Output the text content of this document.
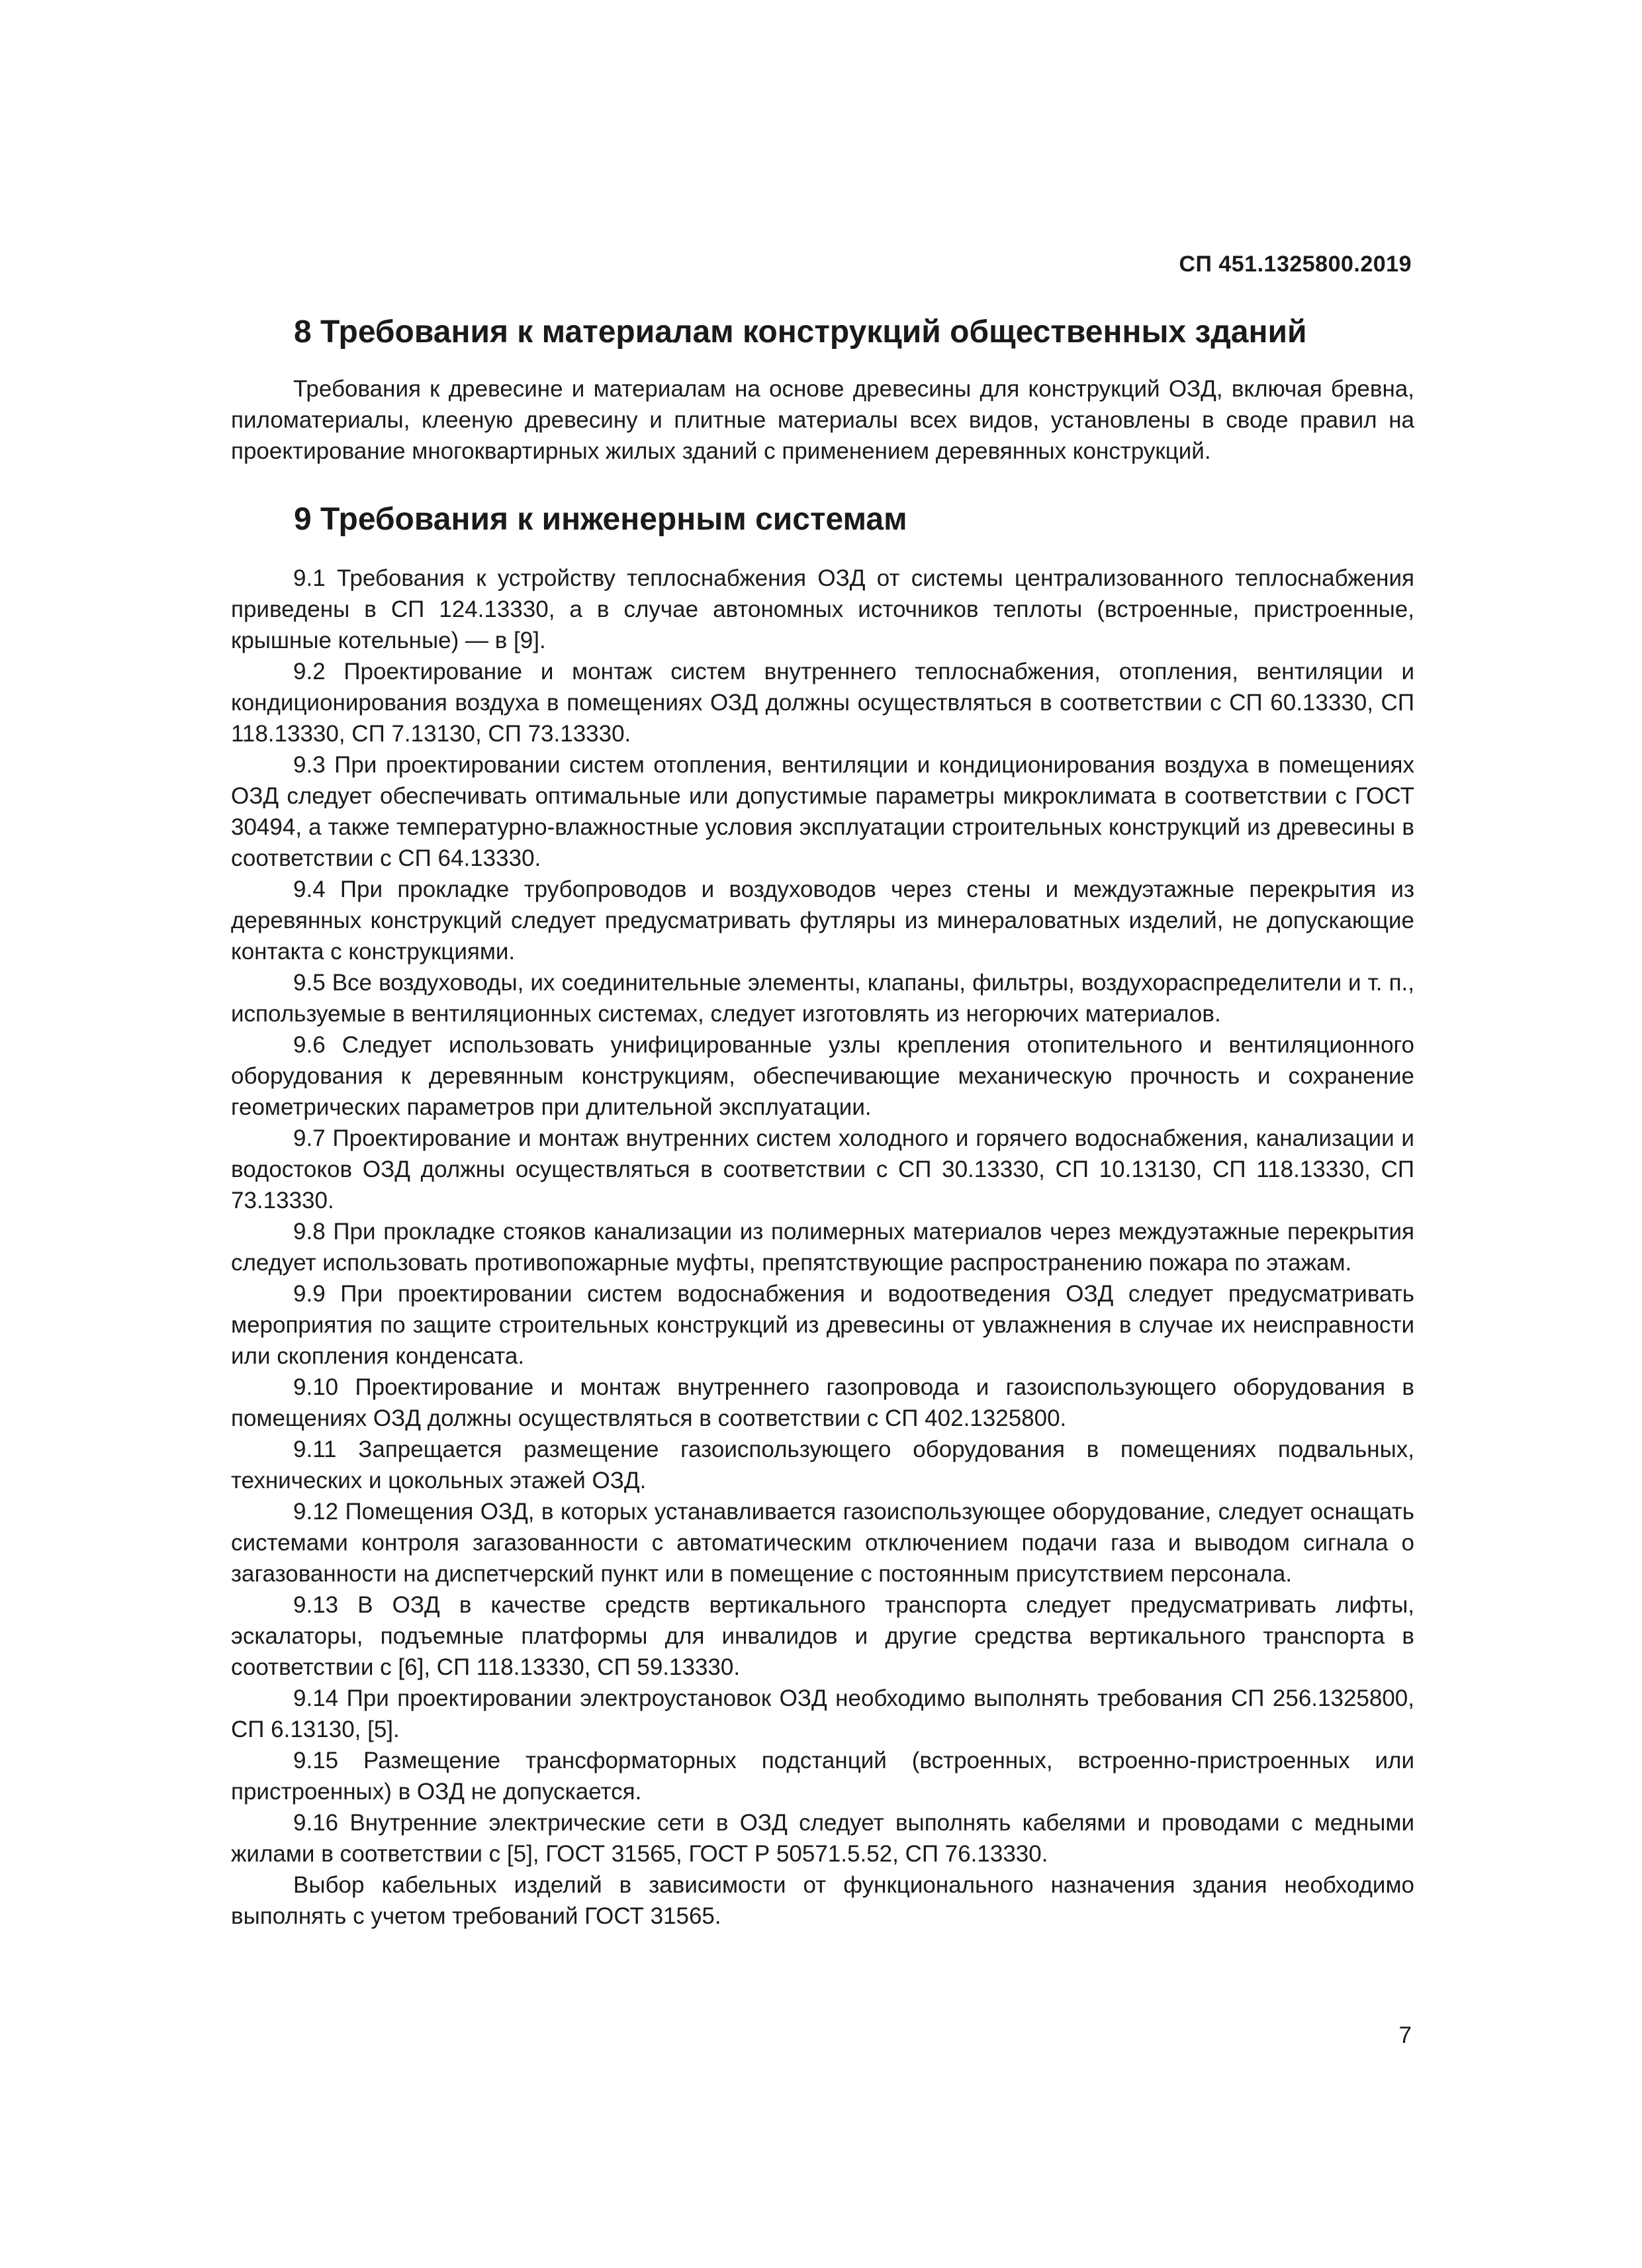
СП 451.1325800.2019
8 Требования к материалам конструкций общественных зданий

Требования к древесине и материалам на основе древесины для конструкций ОЗД, включая бревна, пиломатериалы, клееную древесину и плитные материалы всех видов, установлены в своде правил на проектирование многоквартирных жилых зданий с применением деревянных конструкций.

9 Требования к инженерным системам

9.1 Требования к устройству теплоснабжения ОЗД от системы централизованного теплоснабжения приведены в СП 124.13330, а в случае автономных источников теплоты (встроенные, пристроенные, крышные котельные) — в [9].

9.2 Проектирование и монтаж систем внутреннего теплоснабжения, отопления, вентиляции и кондиционирования воздуха в помещениях ОЗД должны осуществляться в соответствии с СП 60.13330, СП 118.13330, СП 7.13130, СП 73.13330.

9.3 При проектировании систем отопления, вентиляции и кондиционирования воздуха в помещениях ОЗД следует обеспечивать оптимальные или допустимые параметры микроклимата в соответствии с ГОСТ 30494, а также температурно-влажностные условия эксплуатации строительных конструкций из древесины в соответствии с СП 64.13330.

9.4 При прокладке трубопроводов и воздуховодов через стены и междуэтажные перекрытия из деревянных конструкций следует предусматривать футляры из минераловатных изделий, не допускающие контакта с конструкциями.

9.5 Все воздуховоды, их соединительные элементы, клапаны, фильтры, воздухораспределители и т. п., используемые в вентиляционных системах, следует изготовлять из негорючих материалов.

9.6 Следует использовать унифицированные узлы крепления отопительного и вентиляционного оборудования к деревянным конструкциям, обеспечивающие механическую прочность и сохранение геометрических параметров при длительной эксплуатации.

9.7 Проектирование и монтаж внутренних систем холодного и горячего водоснабжения, канализации и водостоков ОЗД должны осуществляться в соответствии с СП 30.13330, СП 10.13130, СП 118.13330, СП 73.13330.

9.8 При прокладке стояков канализации из полимерных материалов через междуэтажные перекрытия следует использовать противопожарные муфты, препятствующие распространению пожара по этажам.

9.9 При проектировании систем водоснабжения и водоотведения ОЗД следует предусматривать мероприятия по защите строительных конструкций из древесины от увлажнения в случае их неисправности или скопления конденсата.

9.10 Проектирование и монтаж внутреннего газопровода и газоиспользующего оборудования в помещениях ОЗД должны осуществляться в соответствии с СП 402.1325800.

9.11 Запрещается размещение газоиспользующего оборудования в помещениях подвальных, технических и цокольных этажей ОЗД.

9.12 Помещения ОЗД, в которых устанавливается газоиспользующее оборудование, следует оснащать системами контроля загазованности с автоматическим отключением подачи газа и выводом сигнала о загазованности на диспетчерский пункт или в помещение с постоянным присутствием персонала.

9.13 В ОЗД в качестве средств вертикального транспорта следует предусматривать лифты, эскалаторы, подъемные платформы для инвалидов и другие средства вертикального транспорта в соответствии с [6], СП 118.13330, СП 59.13330.

9.14 При проектировании электроустановок ОЗД необходимо выполнять требования СП 256.1325800, СП 6.13130, [5].

9.15 Размещение трансформаторных подстанций (встроенных, встроенно-пристроенных или пристроенных) в ОЗД не допускается.

9.16 Внутренние электрические сети в ОЗД следует выполнять кабелями и проводами с медными жилами в соответствии с [5], ГОСТ 31565, ГОСТ Р 50571.5.52, СП 76.13330.

Выбор кабельных изделий в зависимости от функционального назначения здания необходимо выполнять с учетом требований ГОСТ 31565.

7
